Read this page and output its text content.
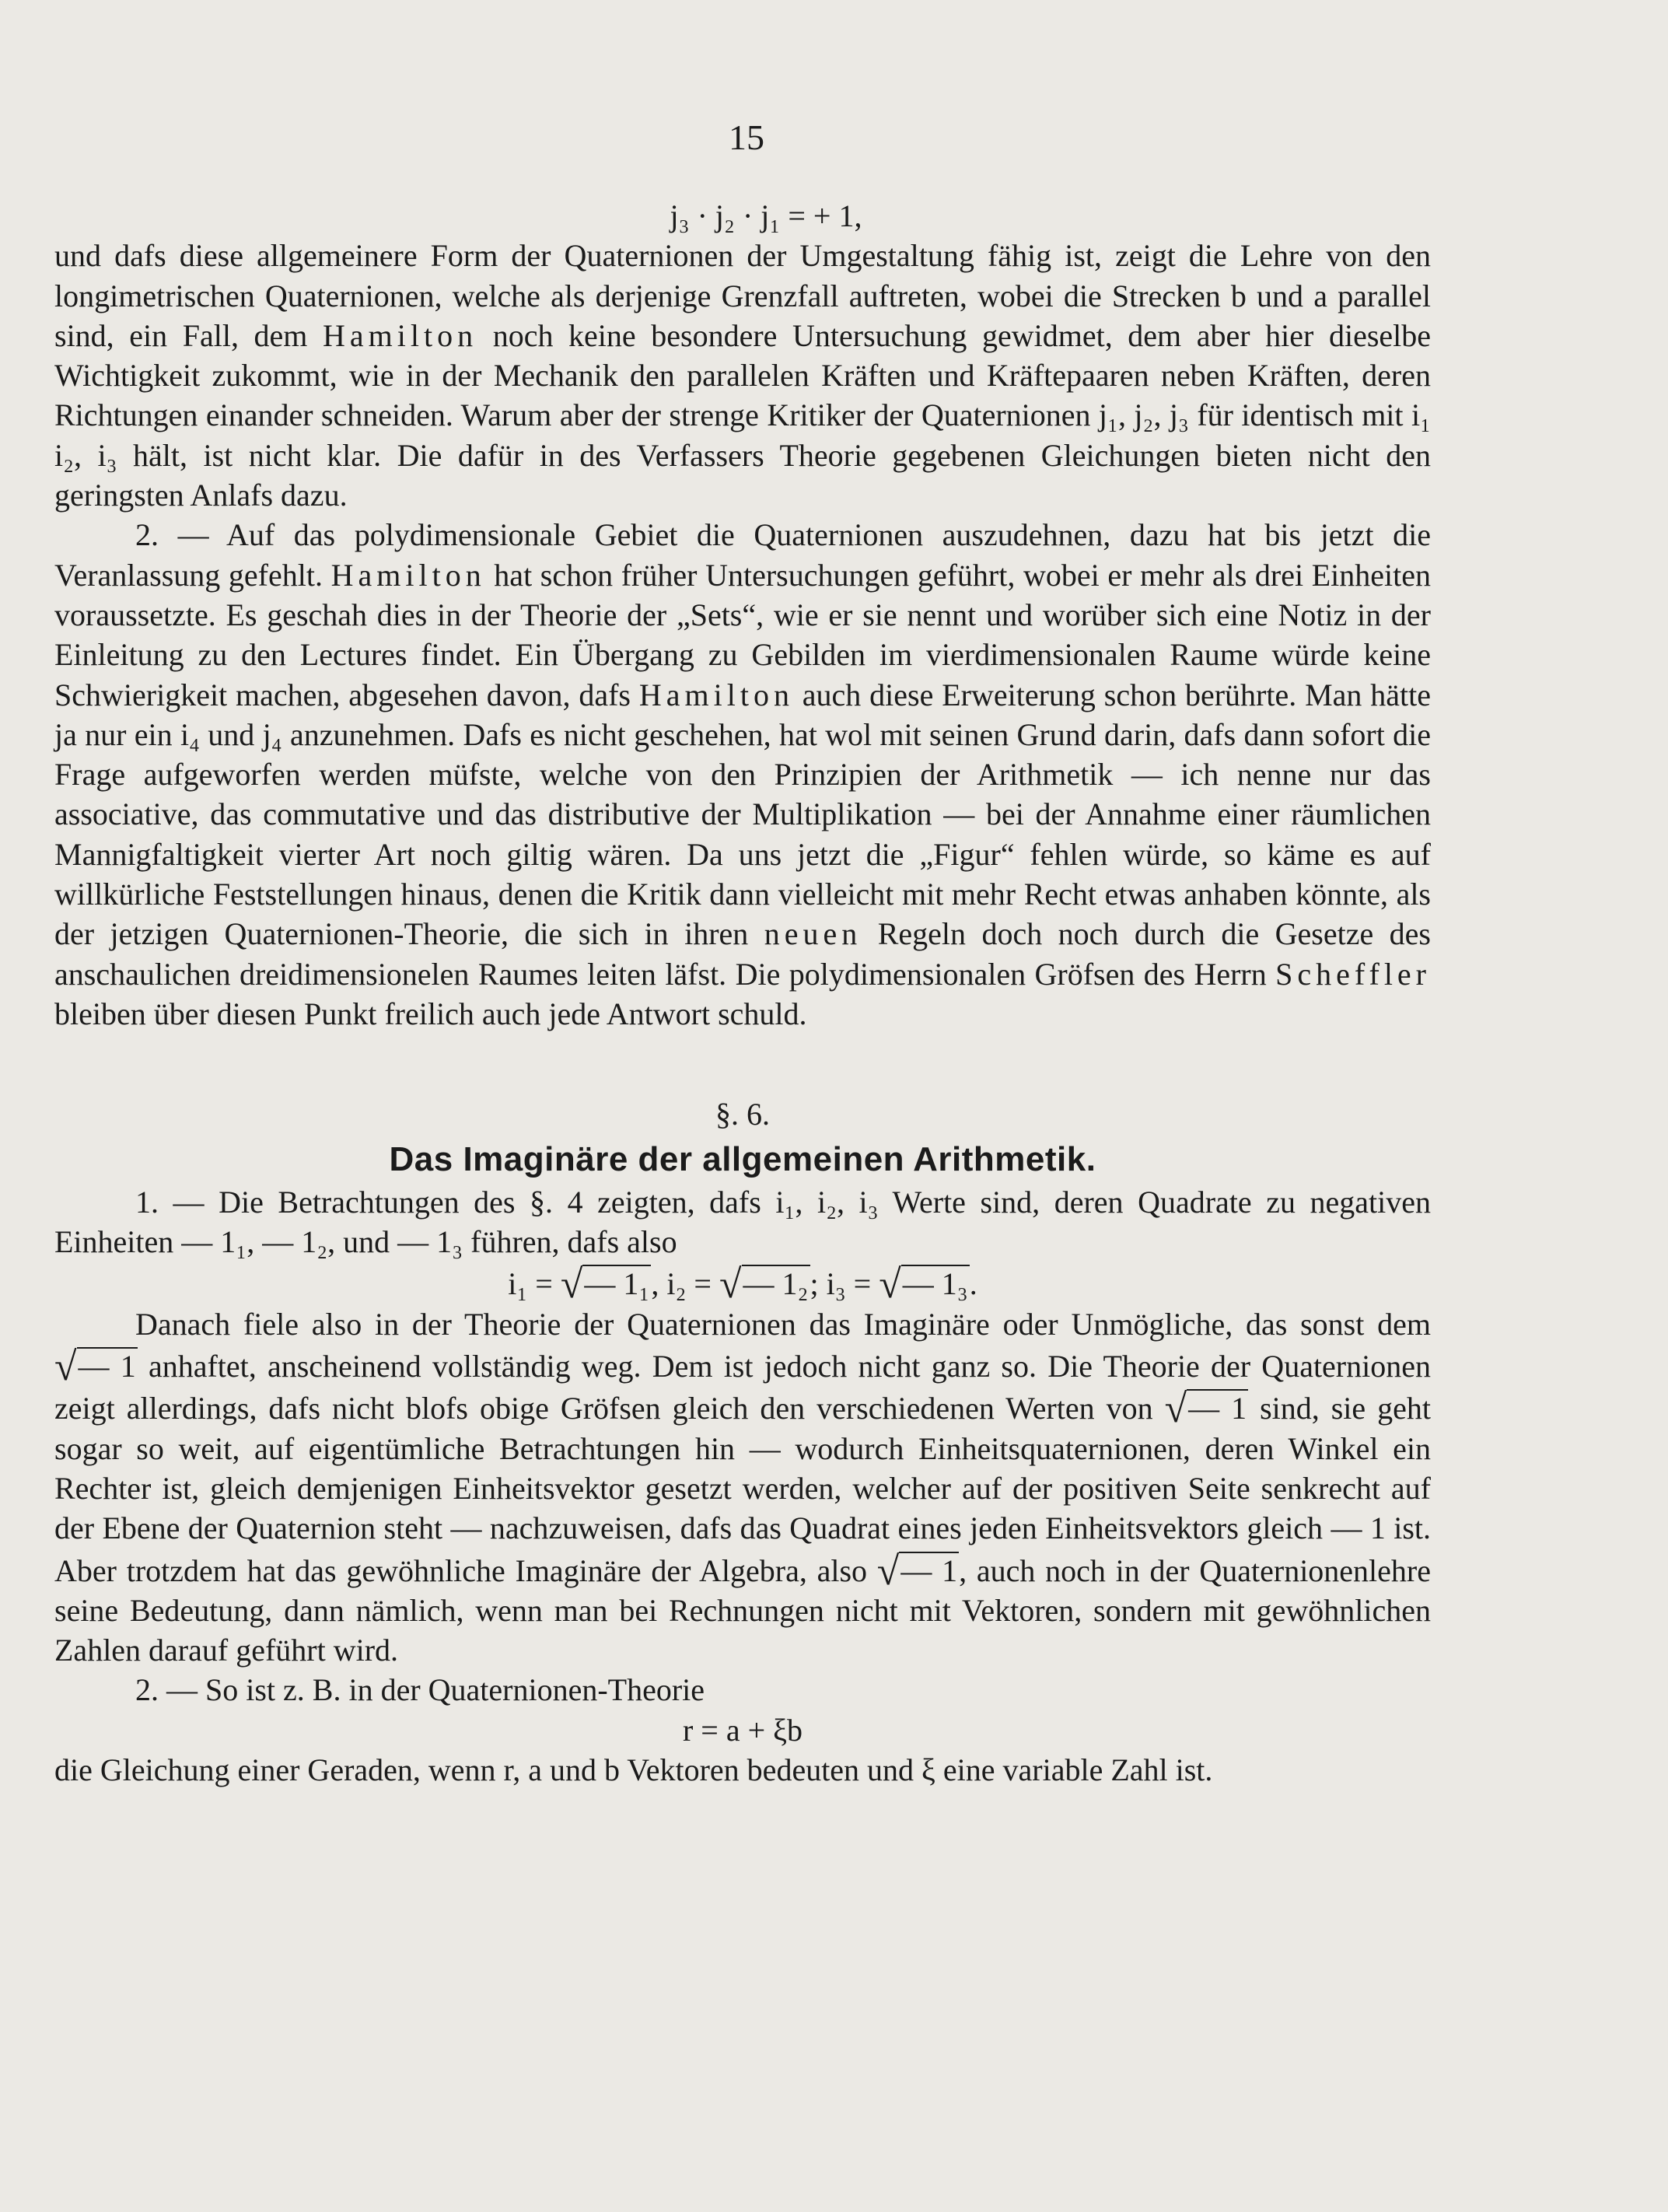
15
j₃ · j₂ · j₁ = + 1,

und dafs diese allgemeinere Form der Quaternionen der Umgestaltung fähig ist, zeigt die Lehre von den longimetrischen Quaternionen, welche als derjenige Grenzfall auftreten, wobei die Strecken b und a parallel sind, ein Fall, dem Hamilton noch keine besondere Untersuchung gewidmet, dem aber hier dieselbe Wichtigkeit zukommt, wie in der Mechanik den parallelen Kräften und Kräftepaaren neben Kräften, deren Richtungen einander schneiden. Warum aber der strenge Kritiker der Quaternionen j₁, j₂, j₃ für identisch mit i₁ i₂, i₃ hält, ist nicht klar. Die dafür in des Verfassers Theorie gegebenen Gleichungen bieten nicht den geringsten Anlafs dazu.

2. — Auf das polydimensionale Gebiet die Quaternionen auszudehnen, dazu hat bis jetzt die Veranlassung gefehlt. Hamilton hat schon früher Untersuchungen geführt, wobei er mehr als drei Einheiten voraussetzte. Es geschah dies in der Theorie der „Sets“, wie er sie nennt und worüber sich eine Notiz in der Einleitung zu den Lectures findet. Ein Übergang zu Gebilden im vierdimensionalen Raume würde keine Schwierigkeit machen, abgesehen davon, dafs Hamilton auch diese Erweiterung schon berührte. Man hätte ja nur ein i₄ und j₄ anzunehmen. Dafs es nicht geschehen, hat wol mit seinen Grund darin, dafs dann sofort die Frage aufgeworfen werden müfste, welche von den Prinzipien der Arithmetik — ich nenne nur das associative, das commutative und das distributive der Multiplikation — bei der Annahme einer räumlichen Mannigfaltigkeit vierter Art noch giltig wären. Da uns jetzt die „Figur“ fehlen würde, so käme es auf willkürliche Feststellungen hinaus, denen die Kritik dann vielleicht mit mehr Recht etwas anhaben könnte, als der jetzigen Quaternionen-Theorie, die sich in ihren neuen Regeln doch noch durch die Gesetze des anschaulichen dreidimensionelen Raumes leiten läfst. Die polydimensionalen Gröfsen des Herrn Scheffler bleiben über diesen Punkt freilich auch jede Antwort schuld.

§. 6.
Das Imaginäre der allgemeinen Arithmetik.

1. — Die Betrachtungen des §. 4 zeigten, dafs i₁, i₂, i₃ Werte sind, deren Quadrate zu negativen Einheiten — 1₁, — 1₂, und — 1₃ führen, dafs also

i₁ = √— 1₁, i₂ = √— 1₂; i₃ = √— 1₃.

Danach fiele also in der Theorie der Quaternionen das Imaginäre oder Unmögliche, das sonst dem √— 1 anhaftet, anscheinend vollständig weg. Dem ist jedoch nicht ganz so. Die Theorie der Quaternionen zeigt allerdings, dafs nicht blofs obige Gröfsen gleich den verschiedenen Werten von √— 1 sind, sie geht sogar so weit, auf eigentümliche Betrachtungen hin — wodurch Einheitsquaternionen, deren Winkel ein Rechter ist, gleich demjenigen Einheitsvektor gesetzt werden, welcher auf der positiven Seite senkrecht auf der Ebene der Quaternion steht — nachzuweisen, dafs das Quadrat eines jeden Einheitsvektors gleich — 1 ist. Aber trotzdem hat das gewöhnliche Imaginäre der Algebra, also √— 1, auch noch in der Quaternionenlehre seine Bedeutung, dann nämlich, wenn man bei Rechnungen nicht mit Vektoren, sondern mit gewöhnlichen Zahlen darauf geführt wird.

2. — So ist z. B. in der Quaternionen-Theorie

r = a + ξb

die Gleichung einer Geraden, wenn r, a und b Vektoren bedeuten und ξ eine variable Zahl ist.
